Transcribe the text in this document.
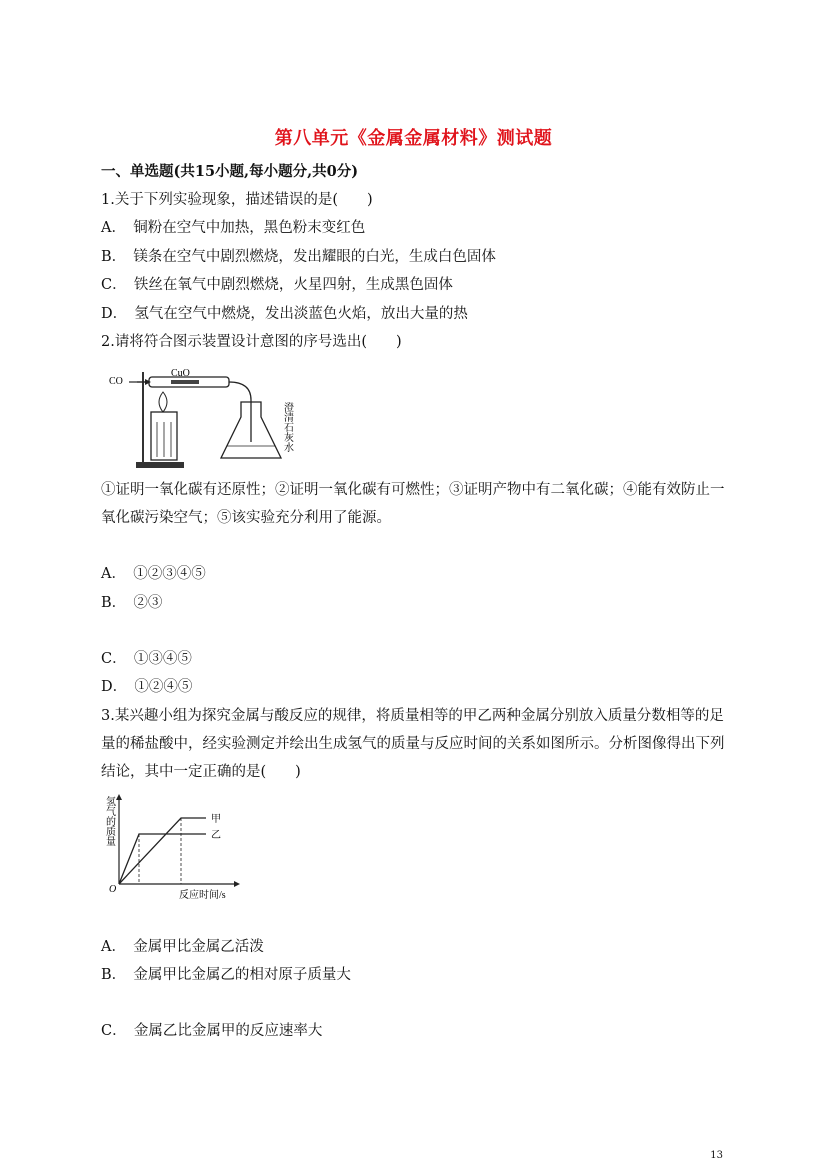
第八单元《金属金属材料》测试题
一、单选题(共15小题,每小题分,共0分)
1.关于下列实验现象，描述错误的是(　　)
A．　铜粉在空气中加热，黑色粉末变红色
B．　镁条在空气中剧烈燃烧，发出耀眼的白光，生成白色固体
C．　铁丝在氧气中剧烈燃烧，火星四射，生成黑色固体
D．　氢气在空气中燃烧，发出淡蓝色火焰，放出大量的热
2.请将符合图示装置设计意图的序号选出(　　)
CO
CuO
澄清石灰水
①证明一氧化碳有还原性；②证明一氧化碳有可燃性；③证明产物中有二氧化碳；④能有效防止一氧化碳污染空气；⑤该实验充分利用了能源。
A．　①②③④⑤
B．　②③
C．　①③④⑤
D．　①②④⑤
3.某兴趣小组为探究金属与酸反应的规律，将质量相等的甲乙两种金属分别放入质量分数相等的足量的稀盐酸中，经实验测定并绘出生成氢气的质量与反应时间的关系如图所示。分析图像得出下列结论，其中一定正确的是(　　)
氢气的质量
O
甲
乙
反应时间/s
A．　金属甲比金属乙活泼
B．　金属甲比金属乙的相对原子质量大
C．　金属乙比金属甲的反应速率大
13
